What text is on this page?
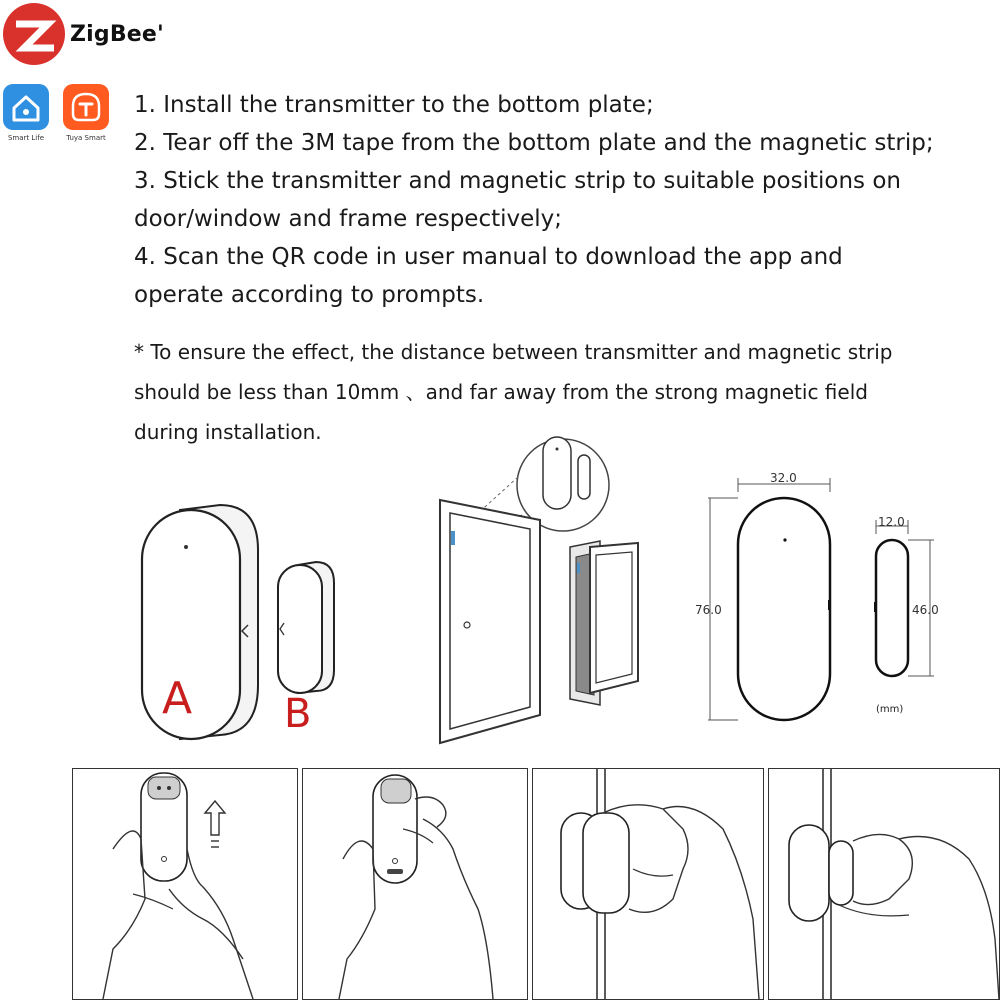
ZigBee'
Smart Life	Tuya Smart
1. Install the transmitter to the bottom plate;
2. Tear off the 3M tape from the bottom plate and the magnetic strip;
3. Stick the transmitter and magnetic strip to suitable positions on
door/window and frame respectively;
4. Scan the QR code in user manual to download the app and
operate according to prompts.
* To ensure the effect, the distance between transmitter and magnetic strip
should be less than 10mm 、and far away from the strong magnetic field
during installation.
A B
32.0
76.0
12.0
46.0
(mm)
